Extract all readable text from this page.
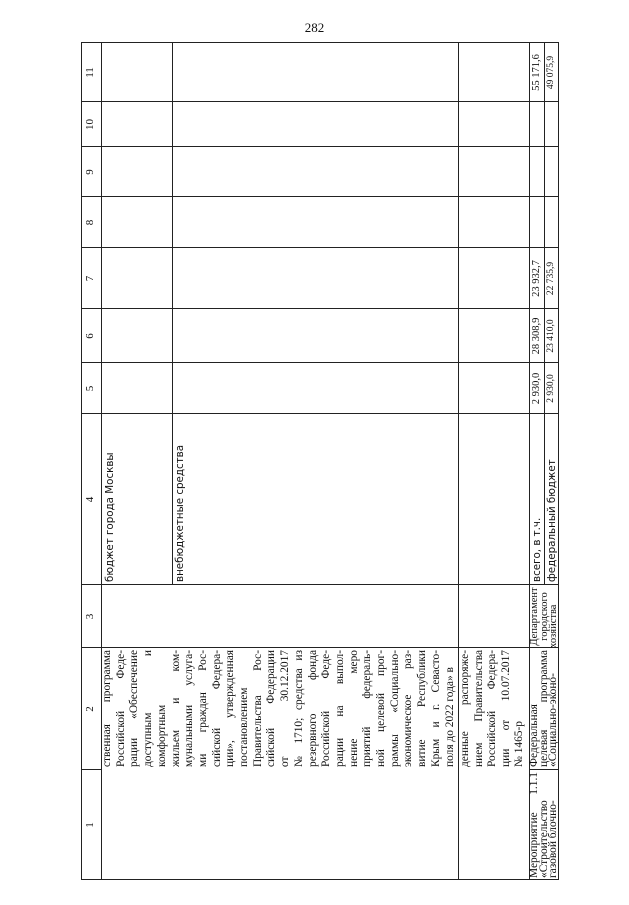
282
1
2
3
4
5
6
7
8
9
10
11
ственная программа Российской Феде- рации «Обеспечение доступным и комфортным жильем и ком- мунальными услуга- ми граждан Рос- сийской Федера- ции», утвержденная постановлением Правительства Рос- сийской Федерации от 30.12.2017 № 1710; средства из резервного фонда Российской Феде- рации на выпол- нение меро приятий федераль- ной целевой прог- раммы «Социально- экономическое раз- витие Республики Крым и г. Севасто- поля до 2022 года» в
бюджет города Москвы	внебюджетные средства
денные распоряже- нием Правительства Российской Федера- ции от 10.07.2017 № 1465-р
Мероприятие 1.1.1
«Строительство
газовой блочно-
Федеральная
целевая программа
«Социально-эконо-
Департамент
городского
хозяйства
всего, в т.ч. федеральный бюджет
2 930,0
28 308,9
23 932,7
55 171,6
2 930,0
23 410,0
22 735,9
49 075,9
